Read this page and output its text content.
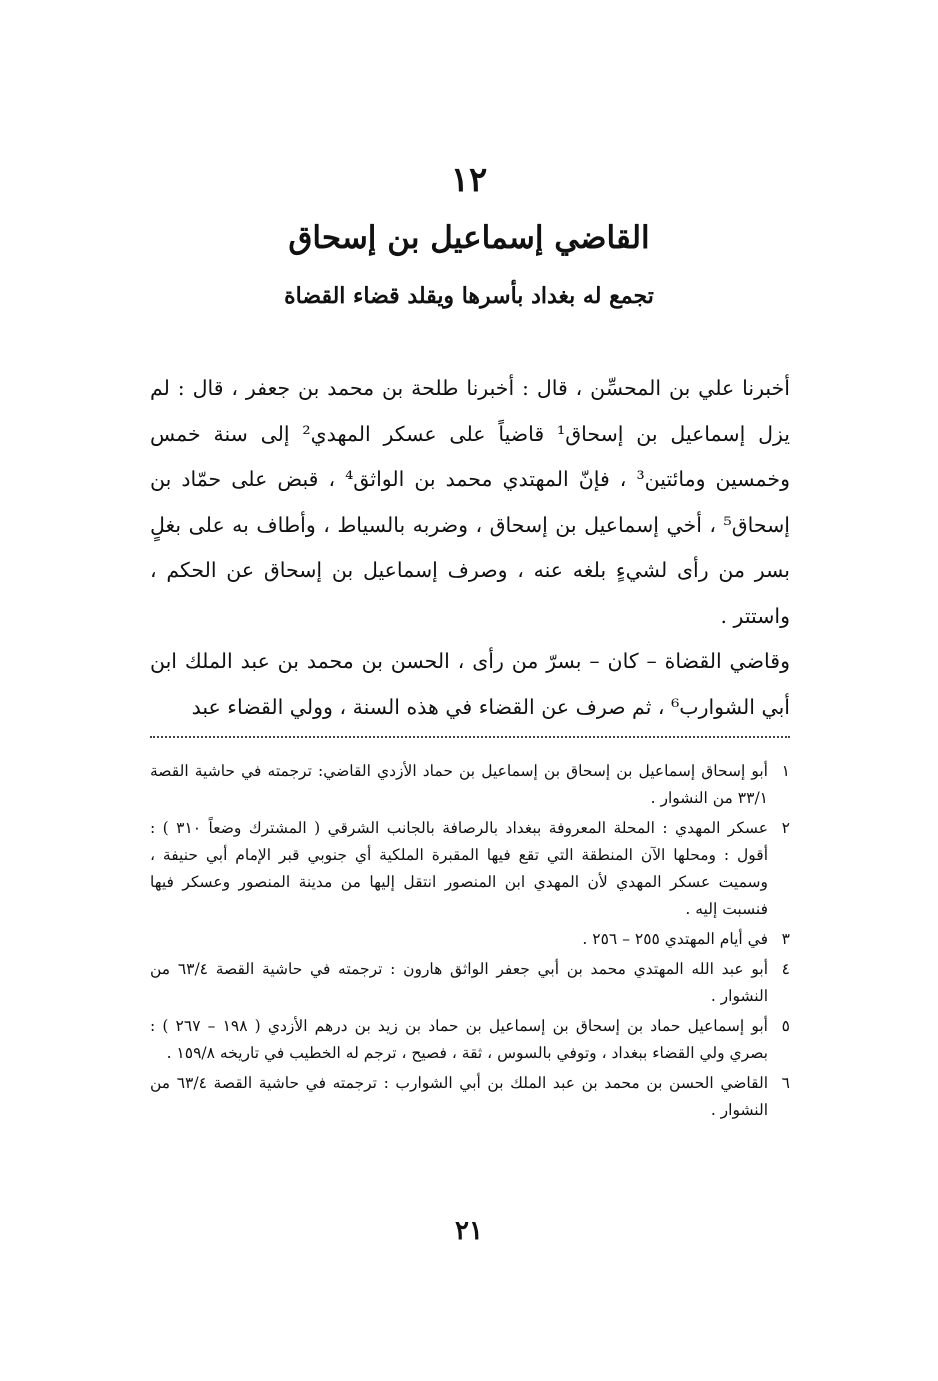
١٢
القاضي إسماعيل بن إسحاق
تجمع له بغداد بأسرها ويقلد قضاء القضاة

أخبرنا علي بن المحسِّن ، قال : أخبرنا طلحة بن محمد بن جعفر ، قال : لم يزل إسماعيل بن إسحاق¹ قاضياً على عسكر المهدي² إلى سنة خمس وخمسين ومائتين³ ، فإنّ المهتدي محمد بن الواثق⁴ ، قبض على حمّاد بن إسحاق⁵ ، أخي إسماعيل بن إسحاق ، وضربه بالسياط ، وأطاف به على بغلٍ بسر من رأى لشيءٍ بلغه عنه ، وصرف إسماعيل بن إسحاق عن الحكم ، واستتر .

وقاضي القضاة – كان – بسرّ من رأى ، الحسن بن محمد بن عبد الملك ابن أبي الشوارب⁶ ، ثم صرف عن القضاء في هذه السنة ، وولي القضاء عبد

١
أبو إسحاق إسماعيل بن إسحاق بن إسماعيل بن حماد الأزدي القاضي: ترجمته في حاشية القصة ٣٣/١ من النشوار .
٢
عسكر المهدي : المحلة المعروفة ببغداد بالرصافة بالجانب الشرقي ( المشترك وضعاً ٣١٠ ) : أقول : ومحلها الآن المنطقة التي تقع فيها المقبرة الملكية أي جنوبي قبر الإمام أبي حنيفة ، وسميت عسكر المهدي لأن المهدي ابن المنصور انتقل إليها من مدينة المنصور وعسكر فيها فنسبت إليه .
٣
في أيام المهتدي ٢٥٥ – ٢٥٦ .
٤
أبو عبد الله المهتدي محمد بن أبي جعفر الواثق هارون : ترجمته في حاشية القصة ٦٣/٤ من النشوار .
٥
أبو إسماعيل حماد بن إسحاق بن إسماعيل بن حماد بن زيد بن درهم الأزدي ( ١٩٨ – ٢٦٧ ) : بصري ولي القضاء ببغداد ، وتوفي بالسوس ، ثقة ، فصيح ، ترجم له الخطيب في تاريخه ١٥٩/٨ .
٦
القاضي الحسن بن محمد بن عبد الملك بن أبي الشوارب : ترجمته في حاشية القصة ٦٣/٤ من النشوار .
٢١
